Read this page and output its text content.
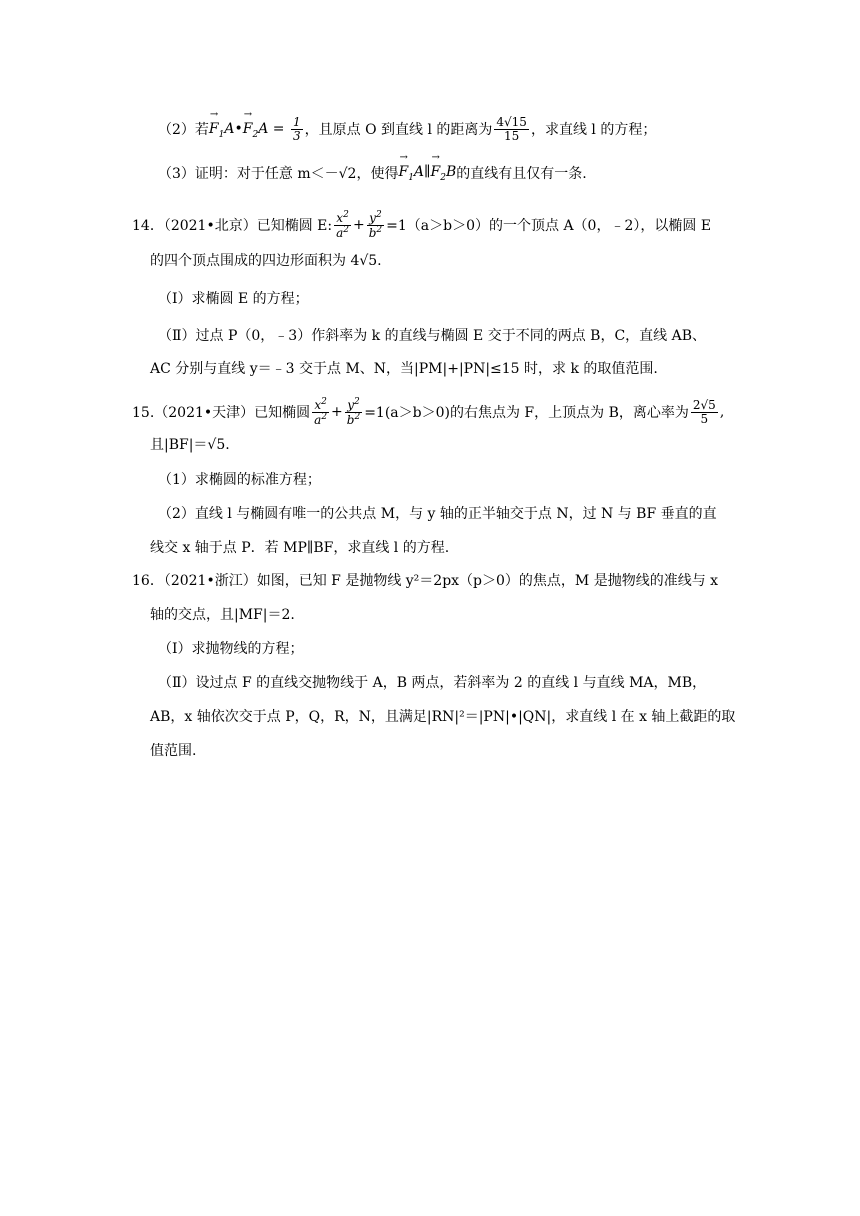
（2）若 → $F_1A•\to F_2A = \frac{1}{3}$ ，且原点 O 到直线 l 的距离为 $\frac{4√15}{15}$ ，求直线 l 的方程；
（3）证明：对于任意 m＜－√2，使得 → $F_1A\parallel\to F_2B$ 的直线有且仅有一条.
14．（2021•北京）已知椭圆 E: $\frac{x^2}{a^2} + \frac{y^2}{b^2} =1(a>b>0)$的一个顶点 A（0，﹣2），以椭圆 E
的四个顶点围成的四边形面积为 4√5.
（Ⅰ）求椭圆 E 的方程；
（Ⅱ）过点 P（0，﹣3）作斜率为 k 的直线与椭圆 E 交于不同的两点 B，C，直线 AB、
AC 分别与直线 y＝﹣3 交于点 M、N，当|PM|+|PN|≤15 时，求 k 的取值范围.
15.（2021•天津）已知椭圆 $\frac{x^2}{a^2} + \frac{y^2}{b^2} =1(a>b>0)$的右焦点为 F，上顶点为 B，离心率为 $\frac{2√5}{5}$ ,
且|BF|＝√5.
（1）求椭圆的标准方程；
（2）直线 l 与椭圆有唯一的公共点 M，与 y 轴的正半轴交于点 N，过 N 与 BF 垂直的直
线交 x 轴于点 P．若 MP∥BF，求直线 l 的方程.
16．（2021•浙江）如图，已知 F 是抛物线 y²＝2px（p＞0）的焦点，M 是抛物线的准线与 x
轴的交点，且|MF|＝2.
（Ⅰ）求抛物线的方程；
（Ⅱ）设过点 F 的直线交抛物线于 A，B 两点，若斜率为 2 的直线 l 与直线 MA，MB，
AB，x 轴依次交于点 P，Q，R，N，且满足|RN|²＝|PN|•|QN|，求直线 l 在 x 轴上截距的取
值范围.
